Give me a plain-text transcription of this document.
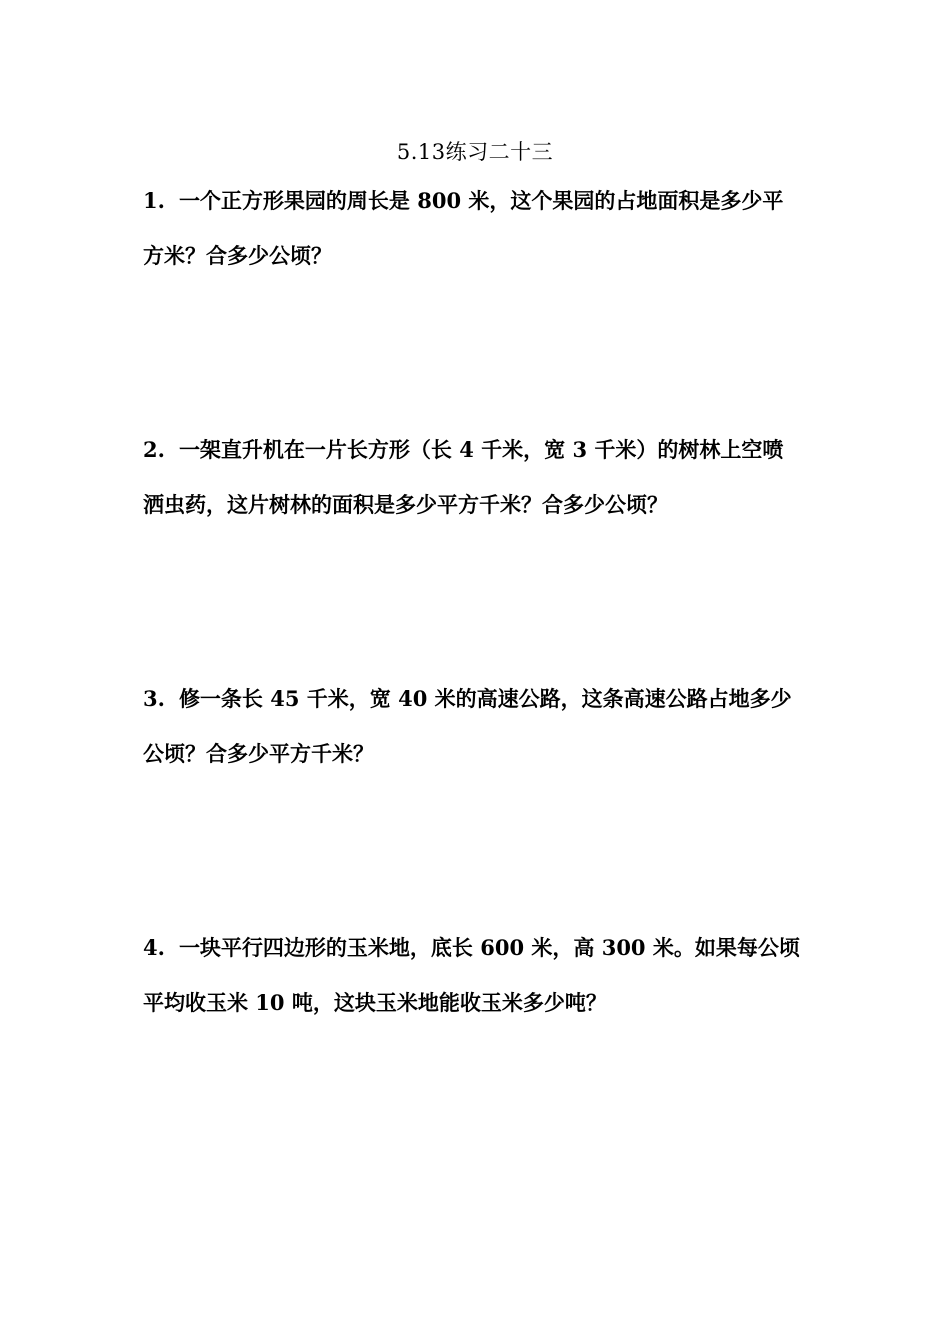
5.13练习二十三
1. 一个正方形果园的周长是 800 米，这个果园的占地面积是多少平
方米？合多少公顷？
2. 一架直升机在一片长方形（长 4 千米，宽 3 千米）的树林上空喷
洒虫药，这片树林的面积是多少平方千米？合多少公顷？
3. 修一条长 45 千米，宽 40 米的高速公路，这条高速公路占地多少
公顷？合多少平方千米？
4. 一块平行四边形的玉米地，底长 600 米，高 300 米。如果每公顷
平均收玉米 10 吨，这块玉米地能收玉米多少吨？
